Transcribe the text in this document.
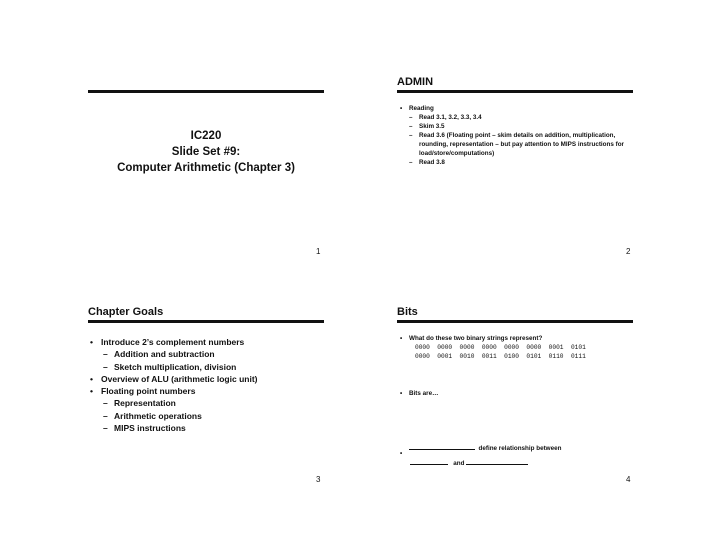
IC220
Slide Set #9:
Computer Arithmetic (Chapter 3)
1
ADMIN
• Reading
– Read 3.1, 3.2, 3.3, 3.4
– Skim 3.5
– Read 3.6 (Floating point – skim details on addition, multiplication, rounding, representation – but pay attention to MIPS instructions for load/store/computations)
– Read 3.8
2
Chapter Goals
3
• Introduce 2’s complement numbers
– Addition and subtraction
– Sketch multiplication, division
• Overview of ALU (arithmetic logic unit)
• Floating point numbers
– Representation
– Arithmetic operations
– MIPS instructions
Bits
• What do these two binary strings represent?
0000  0000  0000  0000  0000  0000  0001  0101
0000  0001  0010  0011  0100  0101  0110  0111
• Bits are…
define relationship between
and
4
